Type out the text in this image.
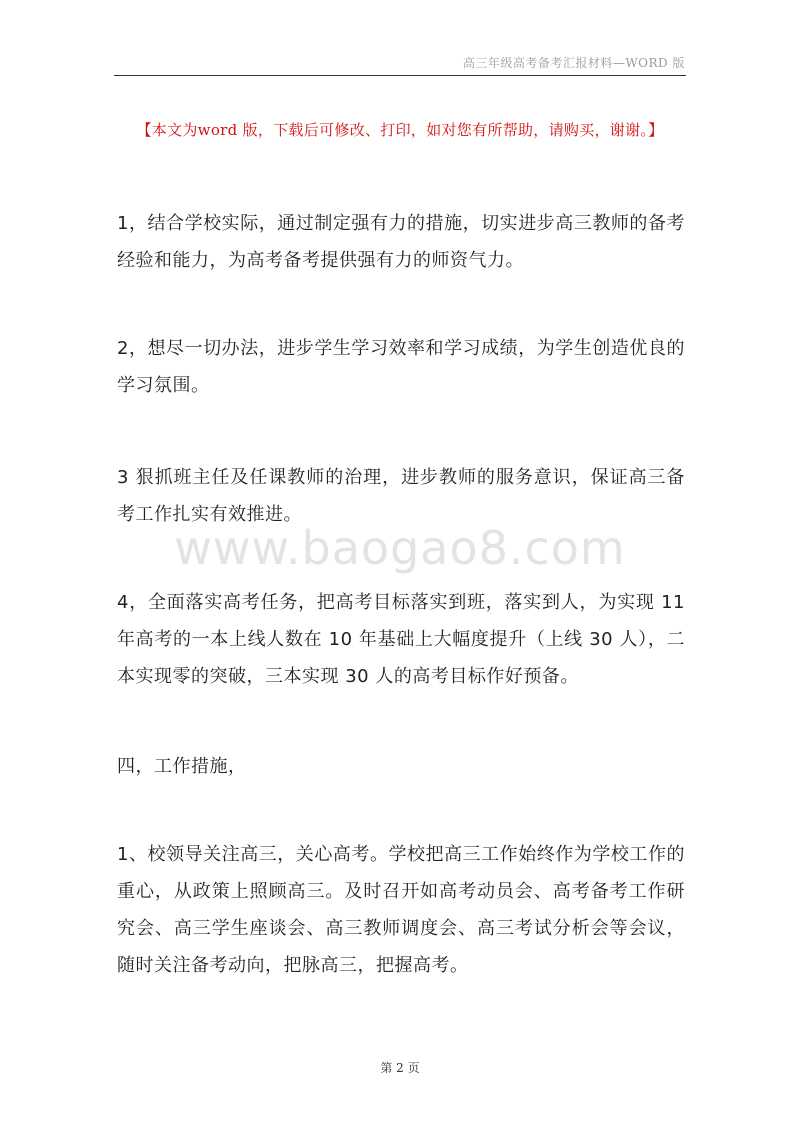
高三年级高考备考汇报材料—WORD 版
【本文为word 版，下载后可修改、打印，如对您有所帮助，请购买，谢谢。】

1，结合学校实际，通过制定强有力的措施，切实进步高三教师的备考经验和能力，为高考备考提供强有力的师资气力。

2，想尽一切办法，进步学生学习效率和学习成绩，为学生创造优良的学习氛围。

3 狠抓班主任及任课教师的治理，进步教师的服务意识，保证高三备考工作扎实有效推进。

4，全面落实高考任务，把高考目标落实到班，落实到人，为实现 11 年高考的一本上线人数在 10 年基础上大幅度提升（上线 30 人），二本实现零的突破，三本实现 30 人的高考目标作好预备。

四，工作措施，

1、校领导关注高三，关心高考。学校把高三工作始终作为学校工作的重心，从政策上照顾高三。及时召开如高考动员会、高考备考工作研究会、高三学生座谈会、高三教师调度会、高三考试分析会等会议，随时关注备考动向，把脉高三，把握高考。

www.baogao8.com
第 2 页
